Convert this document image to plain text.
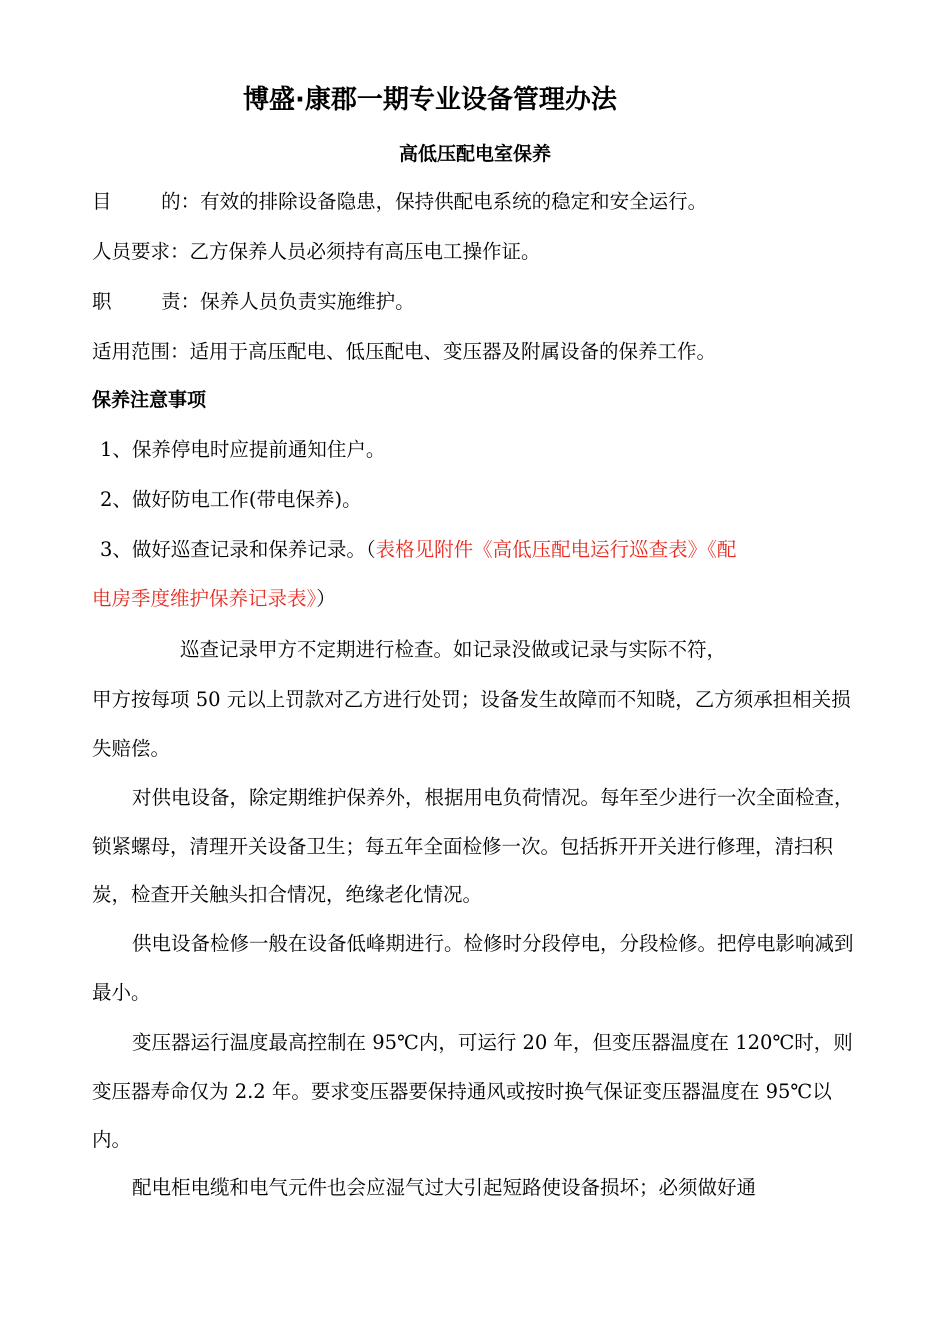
博盛·康郡一期专业设备管理办法
高低压配电室保养
目        的：有效的排除设备隐患，保持供配电系统的稳定和安全运行。
人员要求：乙方保养人员必须持有高压电工操作证。
职        责：保养人员负责实施维护。
适用范围：适用于高压配电、低压配电、变压器及附属设备的保养工作。
保养注意事项
1、保养停电时应提前通知住户。
2、做好防电工作(带电保养)。
3、做好巡查记录和保养记录。（表格见附件《高低压配电运行巡查表》《配
电房季度维护保养记录表》）
巡查记录甲方不定期进行检查。如记录没做或记录与实际不符，
甲方按每项 50 元以上罚款对乙方进行处罚；设备发生故障而不知晓，乙方须承担相关损失赔偿。
对供电设备，除定期维护保养外，根据用电负荷情况。每年至少进行一次全面检查，锁紧螺母，清理开关设备卫生；每五年全面检修一次。包括拆开开关进行修理，清扫积炭，检查开关触头扣合情况，绝缘老化情况。
供电设备检修一般在设备低峰期进行。检修时分段停电，分段检修。把停电影响减到最小。
变压器运行温度最高控制在 95℃内，可运行 20 年，但变压器温度在 120℃时，则变压器寿命仅为 2.2 年。要求变压器要保持通风或按时换气保证变压器温度在 95℃以内。
配电柜电缆和电气元件也会应湿气过大引起短路使设备损坏；必须做好通
